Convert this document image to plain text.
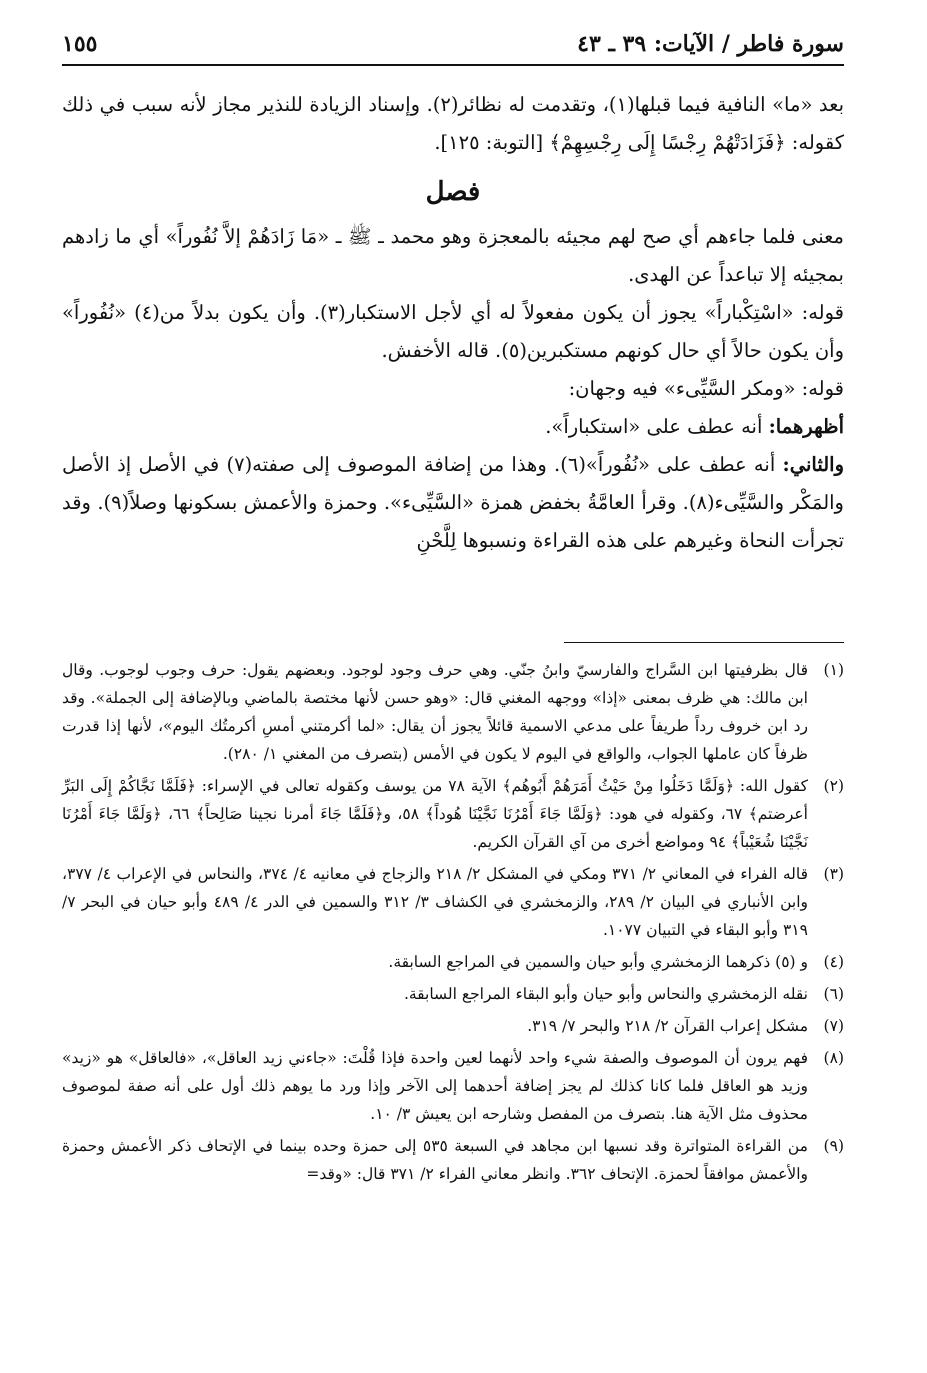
سورة فاطر / الآيات: ٣٩ ـ ٤٣
١٥٥

بعد «ما» النافية فيما قبلها(١)، وتقدمت له نظائر(٢). وإسناد الزيادة للنذير مجاز لأنه سبب في ذلك كقوله: ﴿فَزَادَتْهُمْ رِجْسًا إِلَى رِجْسِهِمْ﴾ [التوبة: ١٢٥].

فصل

معنى فلما جاءهم أي صح لهم مجيئه بالمعجزة وهو محمد ـ ﷺ ـ «مَا زَادَهُمْ إلاَّ نُفُوراً» أي ما زادهم بمجيئه إلا تباعداً عن الهدى.

قوله: «اسْتِكْباراً» يجوز أن يكون مفعولاً له أي لأجل الاستكبار(٣). وأن يكون بدلاً من(٤) «نُفُوراً» وأن يكون حالاً أي حال كونهم مستكبرين(٥). قاله الأخفش.

قوله: «ومكر السَّيِّىء» فيه وجهان:

أظهرهما: أنه عطف على «استكباراً».

والثاني: أنه عطف على «نُفُوراً»(٦). وهذا من إضافة الموصوف إلى صفته(٧) في الأصل إذ الأصل والمَكْر والسَّيِّىء(٨). وقرأ العامَّةُ بخفض همزة «السَّيِّىء». وحمزة والأعمش بسكونها وصلاً(٩). وقد تجرأت النحاة وغيرهم على هذه القراءة ونسبوها لِلَّحْنِ

(١)
قال بظرفيتها ابن السَّراج والفارسيّ وابنُ جنّي. وهي حرف وجود لوجود. وبعضهم يقول: حرف وجوب لوجوب. وقال ابن مالك: هي ظرف بمعنى «إذا» ووجهه المغني قال: «وهو حسن لأنها مختصة بالماضي وبالإضافة إلى الجملة». وقد رد ابن خروف رداً طريفاً على مدعي الاسمية قائلاً يجوز أن يقال: «لما أكرمتني أمسِ أكرمتُك اليوم»، لأنها إذا قدرت ظرفاً كان عاملها الجواب، والواقع في اليوم لا يكون في الأمس (بتصرف من المغني ١/ ٢٨٠).
(٢)
كقول الله: ﴿وَلَمَّا دَخَلُوا مِنْ حَيْثُ أَمَرَهُمْ أَبُوهُم﴾ الآية ٧٨ من يوسف وكقوله تعالى في الإسراء: ﴿فَلَمَّا نَجَّاكُمْ إِلَى البَرِّ أعرضتم﴾ ٦٧، وكقوله في هود: ﴿وَلَمَّا جَاءَ أَمْرُنَا نَجَّيْنَا هُوداً﴾ ٥٨، و﴿فَلَمَّا جَاءَ أمرنا نجينا صَالِحاً﴾ ٦٦، ﴿وَلَمَّا جَاءَ أَمْرُنَا نَجَّيْنَا شُعَيْباً﴾ ٩٤ ومواضع أخرى من آي القرآن الكريم.
(٣)
قاله الفراء في المعاني ٢/ ٣٧١ ومكي في المشكل ٢/ ٢١٨ والزجاج في معانيه ٤/ ٣٧٤، والنحاس في الإعراب ٤/ ٣٧٧، وابن الأنباري في البيان ٢/ ٢٨٩، والزمخشري في الكشاف ٣/ ٣١٢ والسمين في الدر ٤/ ٤٨٩ وأبو حيان في البحر ٧/ ٣١٩ وأبو البقاء في التبيان ١٠٧٧.
(٤)
و (٥) ذكرهما الزمخشري وأبو حيان والسمين في المراجع السابقة.
(٦)
نقله الزمخشري والنحاس وأبو حيان وأبو البقاء المراجع السابقة.
(٧)
مشكل إعراب القرآن ٢/ ٢١٨ والبحر ٧/ ٣١٩.
(٨)
فهم يرون أن الموصوف والصفة شيء واحد لأنهما لعين واحدة فإذا قُلْتَ: «جاءني زيد العاقل»، «فالعاقل» هو «زيد» وزيد هو العاقل فلما كانا كذلك لم يجز إضافة أحدهما إلى الآخر وإذا ورد ما يوهم ذلك أول على أنه صفة لموصوف محذوف مثل الآية هنا. بتصرف من المفصل وشارحه ابن يعيش ٣/ ١٠.
(٩)
من القراءة المتواترة وقد نسبها ابن مجاهد في السبعة ٥٣٥ إلى حمزة وحده بينما في الإتحاف ذكر الأعمش وحمزة والأعمش موافقاً لحمزة. الإتحاف ٣٦٢. وانظر معاني الفراء ٢/ ٣٧١ قال: «وقد=
